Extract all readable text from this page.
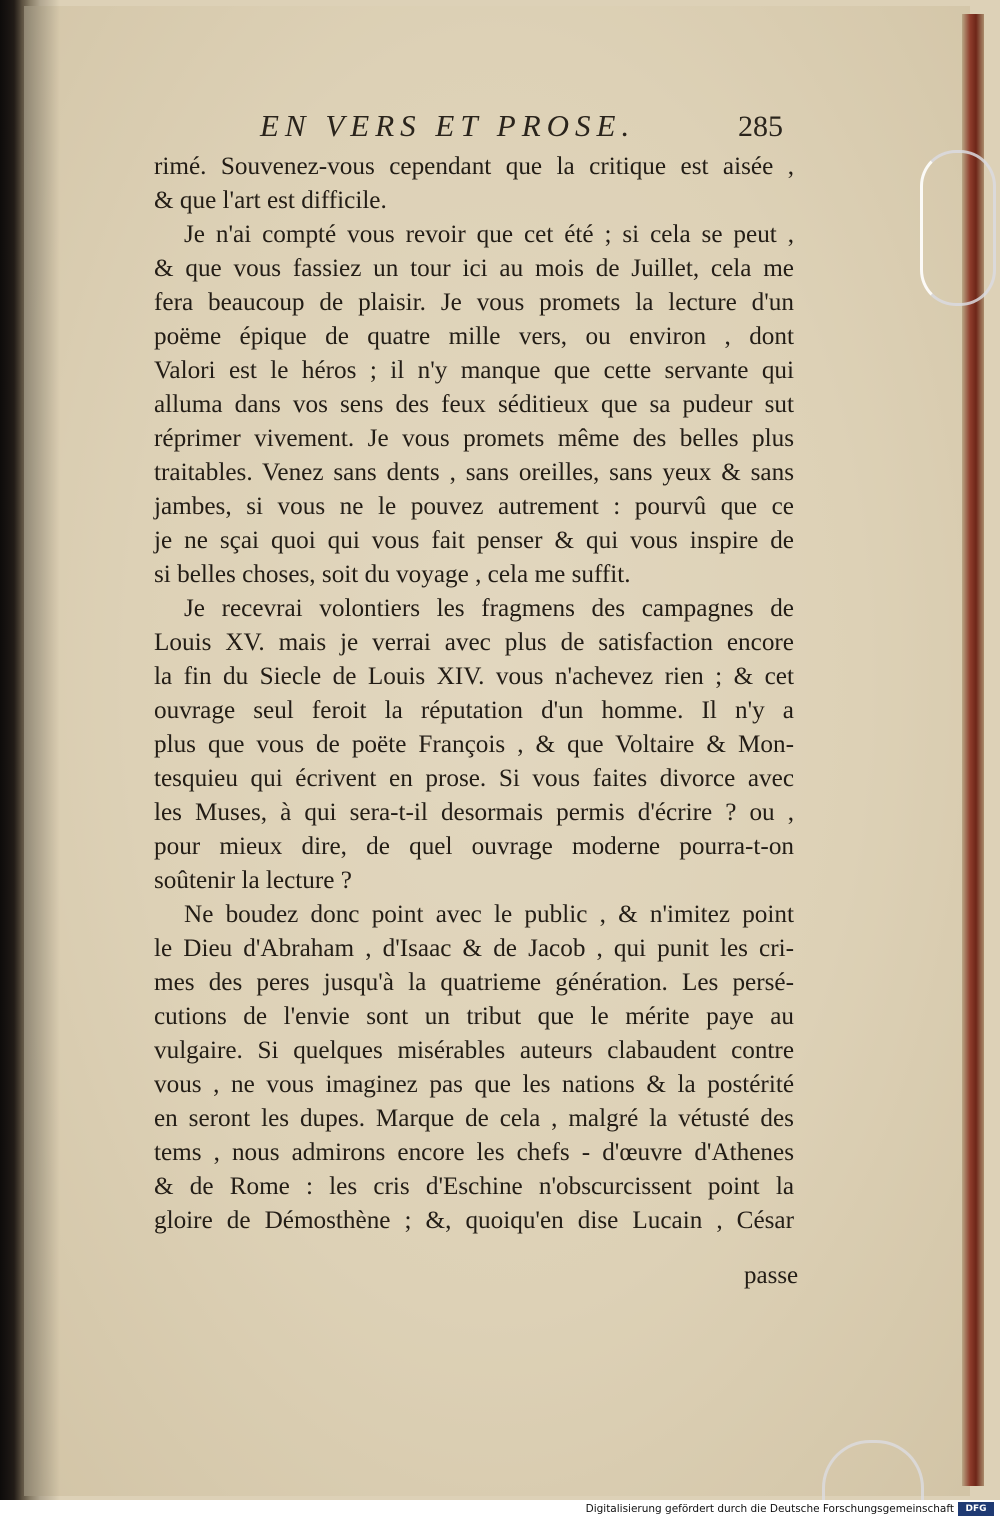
EN VERS ET PROSE.	285
rimé. Souvenez-vous cependant que la critique est aisée ,
& que l'art est difficile.
Je n'ai compté vous revoir que cet été ; si cela se peut ,
& que vous fassiez un tour ici au mois de Juillet, cela me
fera beaucoup de plaisir. Je vous promets la lecture d'un
poëme épique de quatre mille vers, ou environ , dont
Valori est le héros ; il n'y manque que cette servante qui
alluma dans vos sens des feux séditieux que sa pudeur sut
réprimer vivement. Je vous promets même des belles plus
traitables. Venez sans dents , sans oreilles, sans yeux & sans
jambes, si vous ne le pouvez autrement : pourvû que ce
je ne sçai quoi qui vous fait penser & qui vous inspire de
si belles choses, soit du voyage , cela me suffit.
Je recevrai volontiers les fragmens des campagnes de
Louis XV. mais je verrai avec plus de satisfaction encore
la fin du Siecle de Louis XIV. vous n'achevez rien ; & cet
ouvrage seul feroit la réputation d'un homme. Il n'y a
plus que vous de poëte François , & que Voltaire & Mon-
tesquieu qui écrivent en prose. Si vous faites divorce avec
les Muses, à qui sera-t-il desormais permis d'écrire ? ou ,
pour mieux dire, de quel ouvrage moderne pourra-t-on
soûtenir la lecture ?
Ne boudez donc point avec le public , & n'imitez point
le Dieu d'Abraham , d'Isaac & de Jacob , qui punit les cri-
mes des peres jusqu'à la quatrieme génération. Les persé-
cutions de l'envie sont un tribut que le mérite paye au
vulgaire. Si quelques misérables auteurs clabaudent contre
vous , ne vous imaginez pas que les nations & la postérité
en seront les dupes. Marque de cela , malgré la vétusté des
tems , nous admirons encore les chefs - d'œuvre d'Athenes
& de Rome : les cris d'Eschine n'obscurcissent point la
gloire de Démosthène ; &, quoiqu'en dise Lucain , César
passe
Digitalisierung gefördert durch die Deutsche Forschungsgemeinschaft	DFG
